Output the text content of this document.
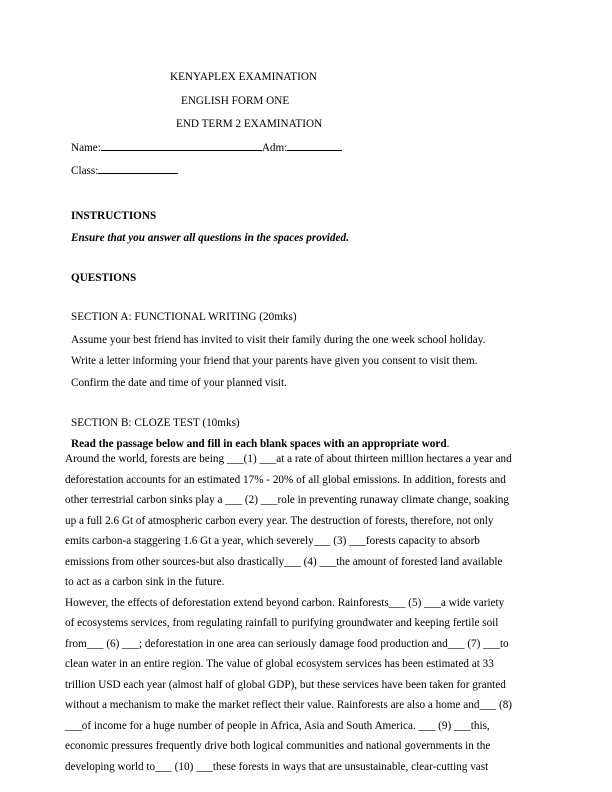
KENYAPLEX EXAMINATION
ENGLISH FORM ONE
END TERM 2 EXAMINATION
Name:	Adm:
Class:
INSTRUCTIONS
Ensure that you answer all questions in the spaces provided.
QUESTIONS
SECTION A: FUNCTIONAL WRITING (20mks)
Assume your best friend has invited to visit their family during the one week school holiday.
Write a letter informing your friend that your parents have given you consent to visit them.
Confirm the date and time of your planned visit.
SECTION B: CLOZE TEST (10mks)
Read the passage below and fill in each blank spaces with an appropriate word.
Around the world, forests are being ___(1) ___at a rate of about thirteen million hectares a year and
deforestation accounts for an estimated 17% - 20% of all global emissions. In addition, forests and
other terrestrial carbon sinks play a ___ (2) ___role in preventing runaway climate change, soaking
up a full 2.6 Gt of atmospheric carbon every year. The destruction of forests, therefore, not only
emits carbon-a staggering 1.6 Gt a year, which severely___ (3) ___forests capacity to absorb
emissions from other sources-but also drastically___ (4) ___the amount of forested land available
to act as a carbon sink in the future.
However, the effects of deforestation extend beyond carbon. Rainforests___ (5) ___a wide variety
of ecosystems services, from regulating rainfall to purifying groundwater and keeping fertile soil
from___ (6) ___; deforestation in one area can seriously damage food production and___ (7) ___to
clean water in an entire region. The value of global ecosystem services has been estimated at 33
trillion USD each year (almost half of global GDP), but these services have been taken for granted
without a mechanism to make the market reflect their value. Rainforests are also a home and___ (8)
___of income for a huge number of people in Africa, Asia and South America. ___ (9) ___this,
economic pressures frequently drive both logical communities and national governments in the
developing world to___ (10) ___these forests in ways that are unsustainable, clear-cutting vast
